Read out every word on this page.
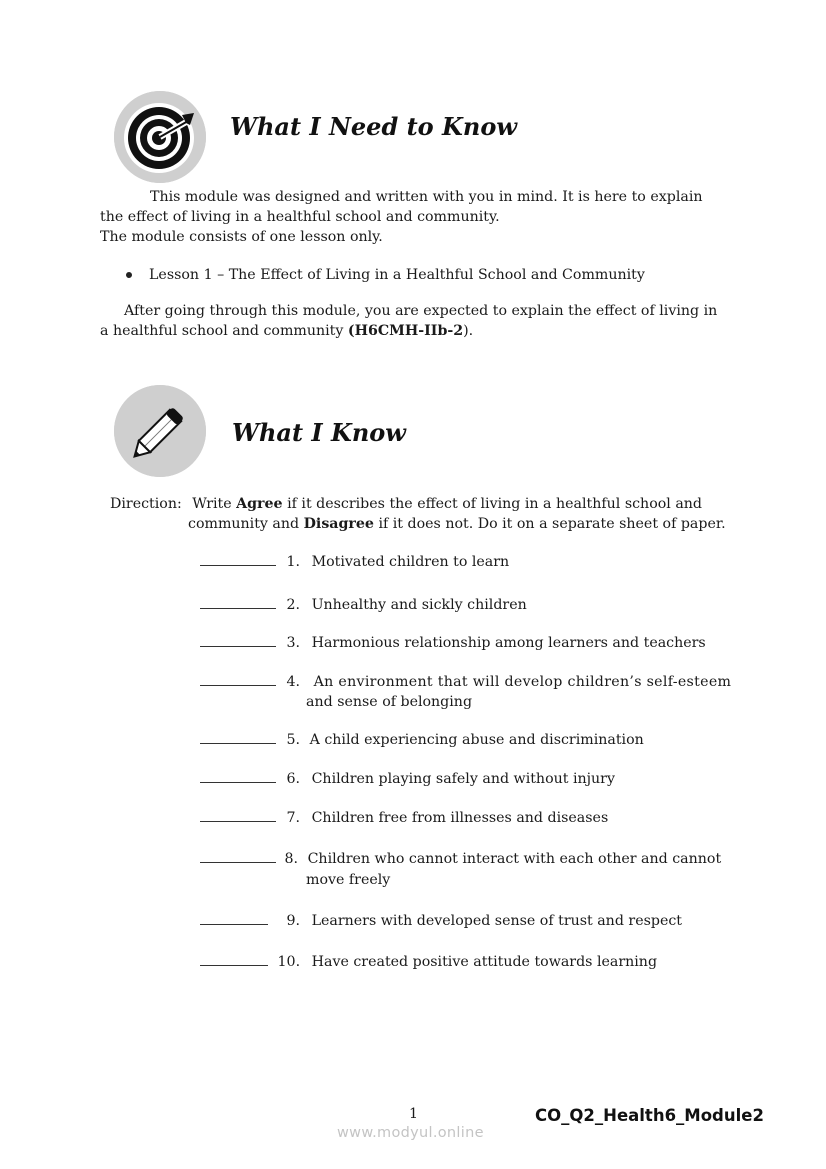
What I Need to Know
This module was designed and written with you in mind. It is here to explain
the effect of living in a healthful school and community.
The module consists of one lesson only.
Lesson 1 – The Effect of Living in a Healthful School and Community
After going through this module, you are expected to explain the effect of living in
a healthful school and community (H6CMH-IIb-2).
What I Know
Direction: Write Agree if it describes the effect of living in a healthful school and
community and Disagree if it does not. Do it on a separate sheet of paper.
1. Motivated children to learn
2. Unhealthy and sickly children
3. Harmonious relationship among learners and teachers
4. An environment that will develop children’s self-esteem
and sense of belonging
5. A child experiencing abuse and discrimination
6. Children playing safely and without injury
7. Children free from illnesses and diseases
8. Children who cannot interact with each other and cannot
move freely
9. Learners with developed sense of trust and respect
10. Have created positive attitude towards learning
1	CO_Q2_Health6_Module2
www.modyul.online
